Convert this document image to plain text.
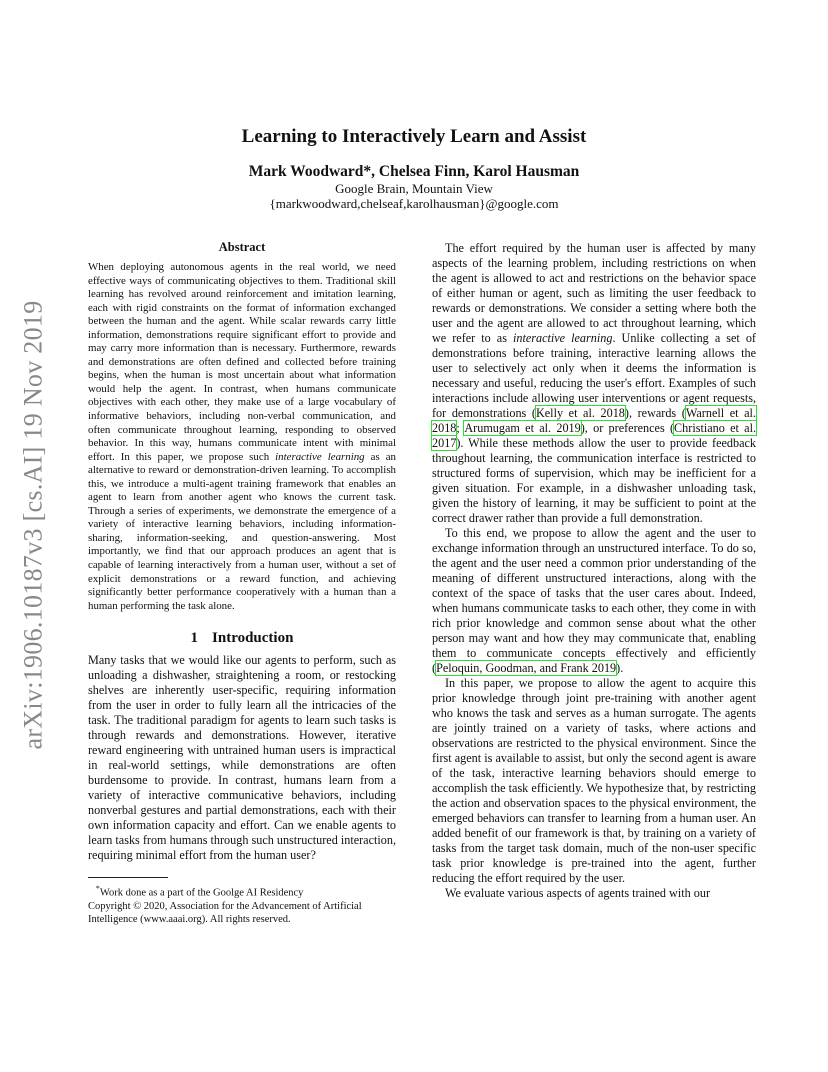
arXiv:1906.10187v3 [cs.AI] 19 Nov 2019
Learning to Interactively Learn and Assist
Mark Woodward*, Chelsea Finn, Karol Hausman
Google Brain, Mountain View
{markwoodward,chelseaf,karolhausman}@google.com
Abstract

When deploying autonomous agents in the real world, we need effective ways of communicating objectives to them. Traditional skill learning has revolved around reinforcement and imitation learning, each with rigid constraints on the format of information exchanged between the human and the agent. While scalar rewards carry little information, demonstrations require significant effort to provide and may carry more information than is necessary. Furthermore, rewards and demonstrations are often defined and collected before training begins, when the human is most uncertain about what information would help the agent. In contrast, when humans communicate objectives with each other, they make use of a large vocabulary of informative behaviors, including non-verbal communication, and often communicate throughout learning, responding to observed behavior. In this way, humans communicate intent with minimal effort. In this paper, we propose such interactive learning as an alternative to reward or demonstration-driven learning. To accomplish this, we introduce a multi-agent training framework that enables an agent to learn from another agent who knows the current task. Through a series of experiments, we demonstrate the emergence of a variety of interactive learning behaviors, including information-sharing, information-seeking, and question-answering. Most importantly, we find that our approach produces an agent that is capable of learning interactively from a human user, without a set of explicit demonstrations or a reward function, and achieving significantly better performance cooperatively with a human than a human performing the task alone.

1 Introduction

Many tasks that we would like our agents to perform, such as unloading a dishwasher, straightening a room, or restocking shelves are inherently user-specific, requiring information from the user in order to fully learn all the intricacies of the task. The traditional paradigm for agents to learn such tasks is through rewards and demonstrations. However, iterative reward engineering with untrained human users is impractical in real-world settings, while demonstrations are often burdensome to provide. In contrast, humans learn from a variety of interactive communicative behaviors, including nonverbal gestures and partial demonstrations, each with their own information capacity and effort. Can we enable agents to learn tasks from humans through such unstructured interaction, requiring minimal effort from the human user?

*Work done as a part of the Goolge AI Residency

Copyright © 2020, Association for the Advancement of Artificial Intelligence (www.aaai.org). All rights reserved.

The effort required by the human user is affected by many aspects of the learning problem, including restrictions on when the agent is allowed to act and restrictions on the behavior space of either human or agent, such as limiting the user feedback to rewards or demonstrations. We consider a setting where both the user and the agent are allowed to act throughout learning, which we refer to as interactive learning. Unlike collecting a set of demonstrations before training, interactive learning allows the user to selectively act only when it deems the information is necessary and useful, reducing the user's effort. Examples of such interactions include allowing user interventions or agent requests, for demonstrations (Kelly et al. 2018), rewards (Warnell et al. 2018; Arumugam et al. 2019), or preferences (Christiano et al. 2017). While these methods allow the user to provide feedback throughout learning, the communication interface is restricted to structured forms of supervision, which may be inefficient for a given situation. For example, in a dishwasher unloading task, given the history of learning, it may be sufficient to point at the correct drawer rather than provide a full demonstration.

To this end, we propose to allow the agent and the user to exchange information through an unstructured interface. To do so, the agent and the user need a common prior understanding of the meaning of different unstructured interactions, along with the context of the space of tasks that the user cares about. Indeed, when humans communicate tasks to each other, they come in with rich prior knowledge and common sense about what the other person may want and how they may communicate that, enabling them to communicate concepts effectively and efficiently (Peloquin, Goodman, and Frank 2019).

In this paper, we propose to allow the agent to acquire this prior knowledge through joint pre-training with another agent who knows the task and serves as a human surrogate. The agents are jointly trained on a variety of tasks, where actions and observations are restricted to the physical environment. Since the first agent is available to assist, but only the second agent is aware of the task, interactive learning behaviors should emerge to accomplish the task efficiently. We hypothesize that, by restricting the action and observation spaces to the physical environment, the emerged behaviors can transfer to learning from a human user. An added benefit of our framework is that, by training on a variety of tasks from the target task domain, much of the non-user specific task prior knowledge is pre-trained into the agent, further reducing the effort required by the user.

We evaluate various aspects of agents trained with our
